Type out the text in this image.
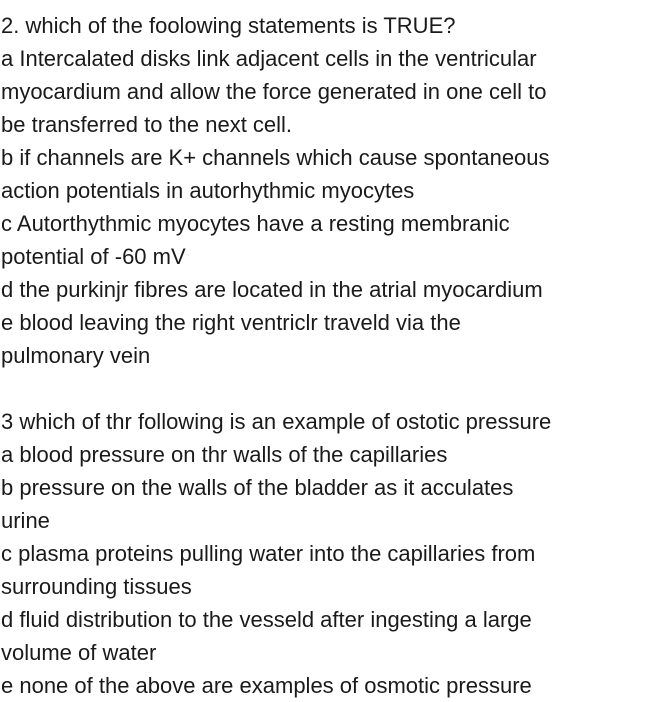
2. which of the foolowing statements is TRUE?

a Intercalated disks link adjacent cells in the ventricular

myocardium and allow the force generated in one cell to

be transferred to the next cell.

b if channels are K+ channels which cause spontaneous

action potentials in autorhythmic myocytes

c Autorthythmic myocytes have a resting membranic

potential of -60 mV

d the purkinjr fibres are located in the atrial myocardium

e blood leaving the right ventriclr traveld via the

pulmonary vein

3 which of thr following is an example of ostotic pressure

a blood pressure on thr walls of the capillaries

b pressure on the walls of the bladder as it acculates

urine

c plasma proteins pulling water into the capillaries from

surrounding tissues

d fluid distribution to the vesseld after ingesting a large

volume of water

e none of the above are examples of osmotic pressure
